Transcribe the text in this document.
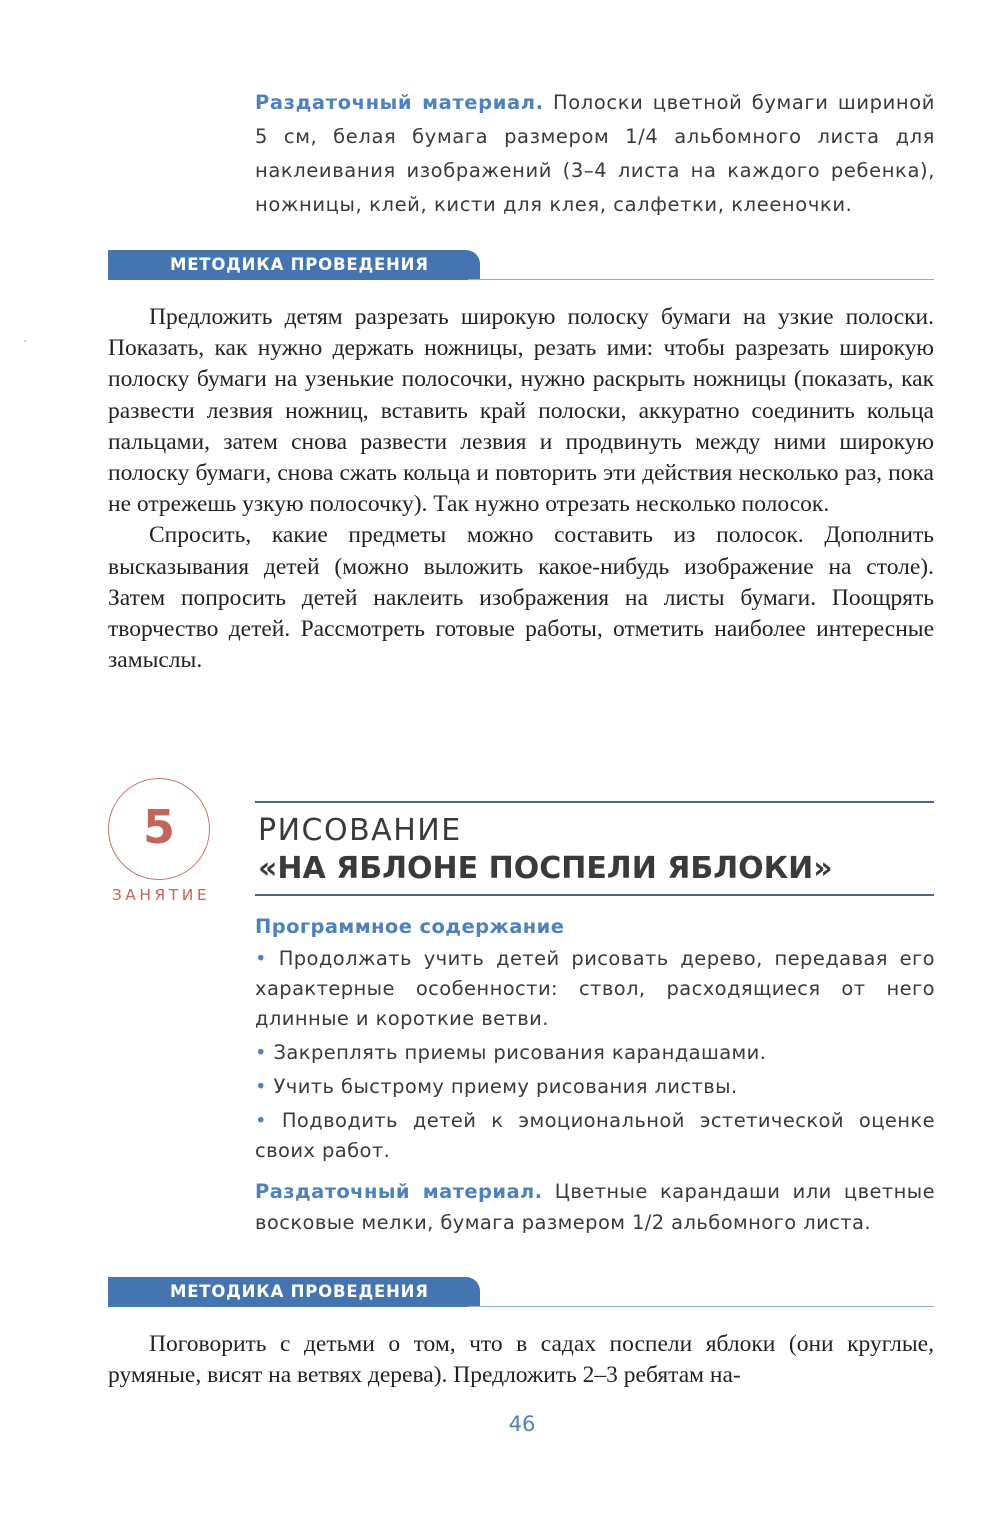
Раздаточный материал. Полоски цветной бумаги шириной 5 см, белая бумага размером 1/4 альбомного листа для наклеивания изображений (3–4 листа на каждого ребенка), ножницы, клей, кисти для клея, салфетки, клееночки.
МЕТОДИКА ПРОВЕДЕНИЯ

Предложить детям разрезать широкую полоску бумаги на узкие полоски. Показать, как нужно держать ножницы, резать ими: чтобы разрезать широкую полоску бумаги на узенькие полосочки, нужно раскрыть ножницы (показать, как развести лезвия ножниц, вставить край полоски, аккуратно соединить кольца пальцами, затем снова развести лезвия и продвинуть между ними широкую полоску бумаги, снова сжать кольца и повторить эти действия несколько раз, пока не отрежешь узкую полосочку). Так нужно отрезать несколько полосок.

Спросить, какие предметы можно составить из полосок. Дополнить высказывания детей (можно выложить какое-нибудь изображение на столе). Затем попросить детей наклеить изображения на листы бумаги. Поощрять творчество детей. Рассмотреть готовые работы, отметить наиболее интересные замыслы.

5
ЗАНЯТИЕ
РИСОВАНИЕ
«НА ЯБЛОНЕ ПОСПЕЛИ ЯБЛОКИ»
Программное содержание
• Продолжать учить детей рисовать дерево, передавая его характерные особенности: ствол, расходящиеся от него длинные и короткие ветви.
• Закреплять приемы рисования карандашами.
• Учить быстрому приему рисования листвы.
• Подводить детей к эмоциональной эстетической оценке своих работ.
Раздаточный материал. Цветные карандаши или цветные восковые мелки, бумага размером 1/2 альбомного листа.
МЕТОДИКА ПРОВЕДЕНИЯ

Поговорить с детьми о том, что в садах поспели яблоки (они круглые, румяные, висят на ветвях дерева). Предложить 2–3 ребятам на-

46
